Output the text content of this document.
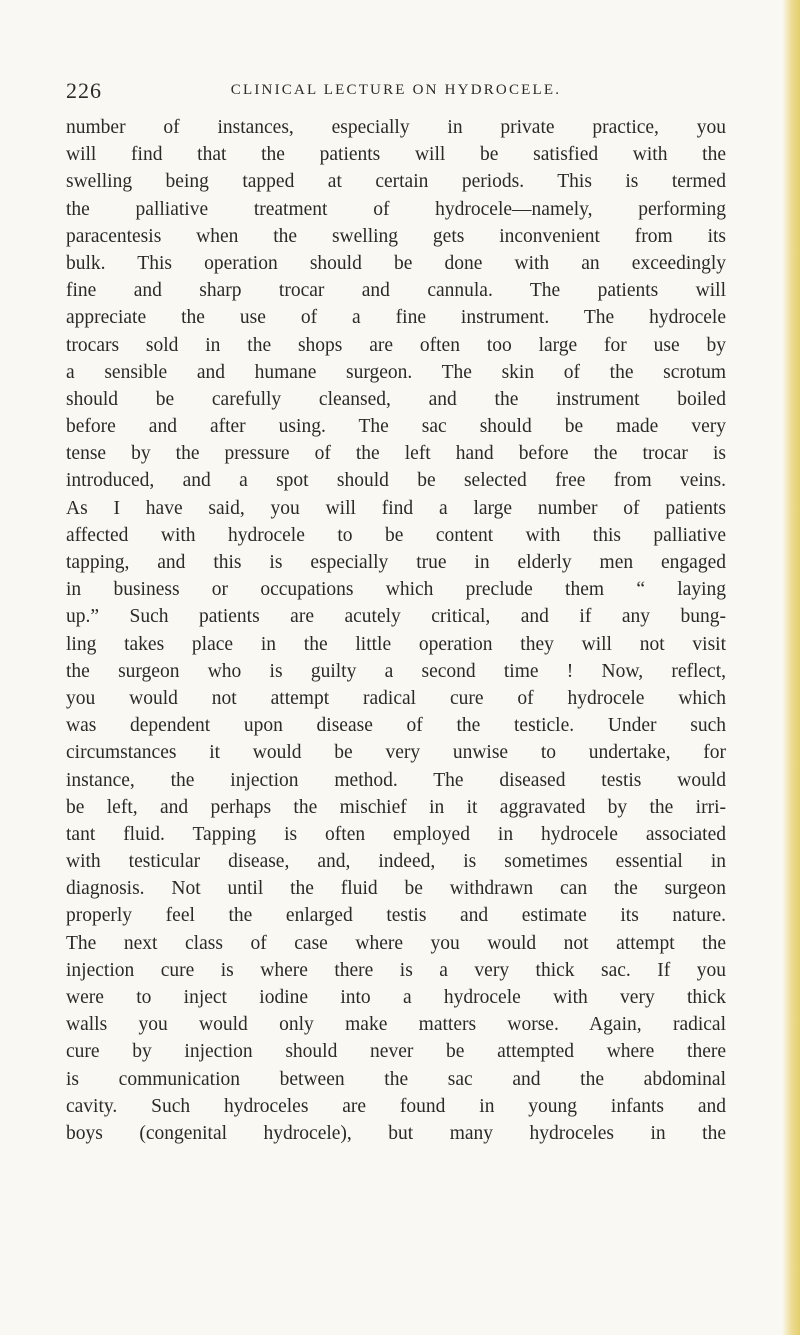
226	CLINICAL LECTURE ON HYDROCELE.
number of instances, especially in private practice, you
will find that the patients will be satisfied with the
swelling being tapped at certain periods. This is termed
the palliative treatment of hydrocele—namely, performing
paracentesis when the swelling gets inconvenient from its
bulk. This operation should be done with an exceedingly
fine and sharp trocar and cannula. The patients will
appreciate the use of a fine instrument. The hydrocele
trocars sold in the shops are often too large for use by
a sensible and humane surgeon. The skin of the scrotum
should be carefully cleansed, and the instrument boiled
before and after using. The sac should be made very
tense by the pressure of the left hand before the trocar is
introduced, and a spot should be selected free from veins.
As I have said, you will find a large number of patients
affected with hydrocele to be content with this palliative
tapping, and this is especially true in elderly men engaged
in business or occupations which preclude them “ laying
up.” Such patients are acutely critical, and if any bung-
ling takes place in the little operation they will not visit
the surgeon who is guilty a second time ! Now, reflect,
you would not attempt radical cure of hydrocele which
was dependent upon disease of the testicle. Under such
circumstances it would be very unwise to undertake, for
instance, the injection method. The diseased testis would
be left, and perhaps the mischief in it aggravated by the irri-
tant fluid. Tapping is often employed in hydrocele associated
with testicular disease, and, indeed, is sometimes essential in
diagnosis. Not until the fluid be withdrawn can the surgeon
properly feel the enlarged testis and estimate its nature.
The next class of case where you would not attempt the
injection cure is where there is a very thick sac. If you
were to inject iodine into a hydrocele with very thick
walls you would only make matters worse. Again, radical
cure by injection should never be attempted where there
is communication between the sac and the abdominal
cavity. Such hydroceles are found in young infants and
boys (congenital hydrocele), but many hydroceles in the
